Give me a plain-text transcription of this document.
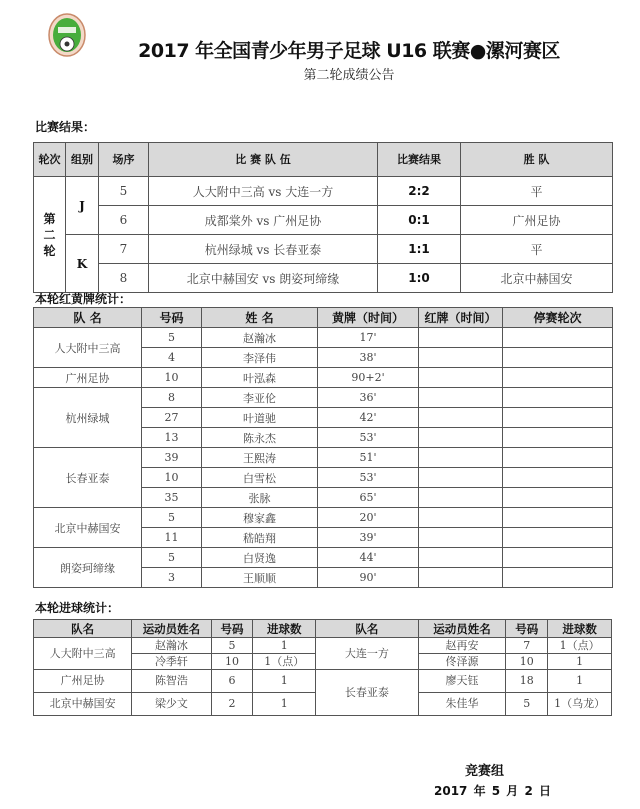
2017 年全国青少年男子足球 U16 联赛●漯河赛区
第二轮成绩公告
比赛结果：
轮次	组别	场序	比 赛 队 伍	比赛结果	胜 队
第二轮	J	5	人大附中三高 vs 大连一方	2:2	平
		6	成都棠外 vs 广州足协	0:1	广州足协
	K	7	杭州绿城 vs 长春亚泰	1:1	平
		8	北京中赫国安 vs 朗姿珂缔缘	1:0	北京中赫国安
本轮红黄牌统计：
队 名	号码	姓 名	黄牌（时间）	红牌（时间）	停赛轮次
人大附中三高	5	赵瀚冰	17'		
	4	李泽伟	38'		
广州足协	10	叶泓森	90+2'		
杭州绿城	8	李亚伦	36'		
	27	叶道驰	42'		
	13	陈永杰	53'		
长春亚泰	39	王熙涛	51'		
	10	白雪松	53'		
	35	张脉	65'		
北京中赫国安	5	穆家鑫	20'		
	11	嵇皓翔	39'		
朗姿珂缔缘	5	白贤逸	44'		
	3	王顺顺	90'		
本轮进球统计：
队名	运动员姓名	号码	进球数	队名	运动员姓名	号码	进球数
人大附中三高	赵瀚冰	5	1	大连一方	赵再安	7	1（点）
	冷季轩	10	1（点）		佟泽源	10	1
广州足协	陈智浩	6	1	长春亚泰	廖天钰	18	1
北京中赫国安	梁少文	2	1		朱佳华	5	1（乌龙）
竞赛组
2017 年 5 月 2 日
